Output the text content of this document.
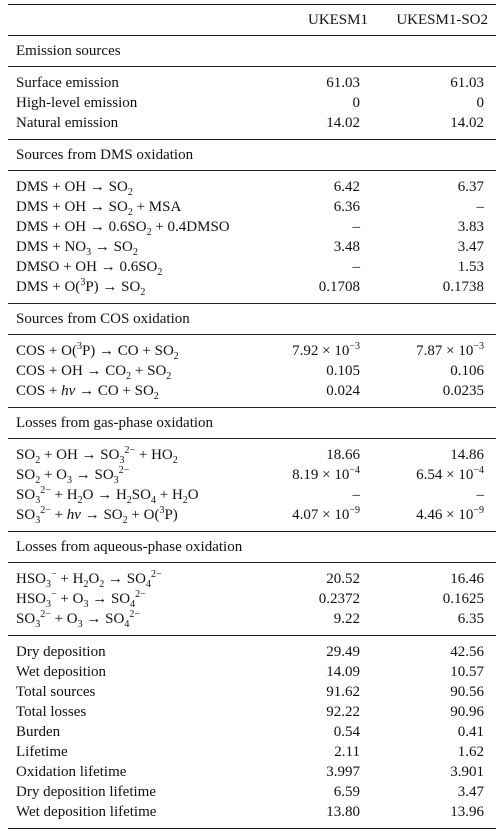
UKESM1 UKESM1-SO2
Emission sources
Surface emission	61.03	61.03
High-level emission	0	0
Natural emission	14.02	14.02
Sources from DMS oxidation
DMS + OH → $SO_2$	6.42	6.37
DMS + OH → $SO_2$ + MSA	6.36	–
DMS + OH → $0.6SO_2$ + 0.4DMSO	–	3.83
DMS + $NO_3 \to SO_2$	3.48	3.47
DMSO + OH → $0.6SO_2$	–	1.53
DMS + $O(^3P) \to SO_2$	0.1708	0.1738
Sources from COS oxidation
COS + O($^3$P) → CO + $SO_2$	$7.92 \times 10^{-3}$	$7.87 \times 10^{-3}$
COS + OH → $CO_2 + SO_2$	0.105	0.106
COS + hv → CO + $SO_2$	0.024	0.0235
Losses from gas-phase oxidation
$SO_2$ + OH → $SO_3^{2-} + HO_2$	18.66	14.86
$SO_2 + O_3 \to SO_3^{2-}$	$8.19 \times 10^{-4}$	$6.54 \times 10^{-4}$
$SO_3^{2-} + H_2O \to H_2SO_4 + H_2O$	–	–
$SO_3^{2-}$ + hv → $SO_2 + O(^3P)$	$4.07 \times 10^{-9}$	$4.46 \times 10^{-9}$
Losses from aqueous-phase oxidation
$HSO_3^- + H_2O_2 \to SO_4^{2-}$	20.52	16.46
$HSO_3^- + O_3 \to SO_4^{2-}$	0.2372	0.1625
$SO_3^{2-} + O_3 \to SO_4^{2-}$	9.22	6.35
Dry deposition	29.49	42.56
Wet deposition	14.09	10.57
Total sources	91.62	90.56
Total losses	92.22	90.96
Burden	0.54	0.41
Lifetime	2.11	1.62
Oxidation lifetime	3.997	3.901
Dry deposition lifetime	6.59	3.47
Wet deposition lifetime	13.80	13.96
